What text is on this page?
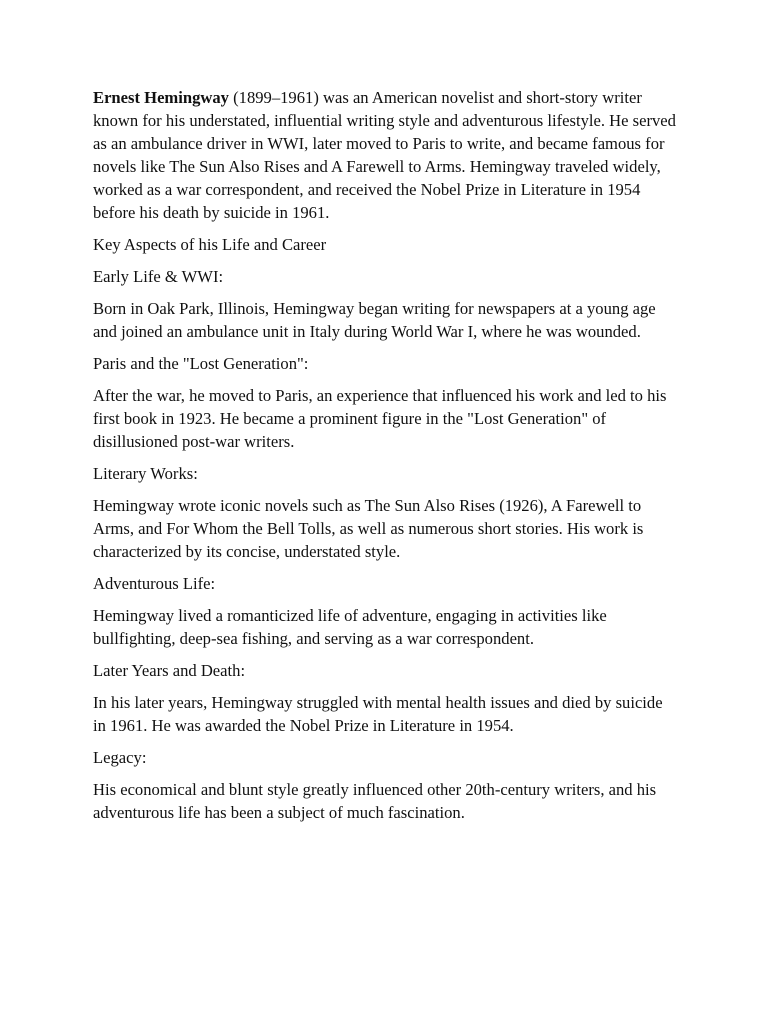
Ernest Hemingway (1899–1961) was an American novelist and short-story writer known for his understated, influential writing style and adventurous lifestyle. He served as an ambulance driver in WWI, later moved to Paris to write, and became famous for novels like The Sun Also Rises and A Farewell to Arms. Hemingway traveled widely, worked as a war correspondent, and received the Nobel Prize in Literature in 1954 before his death by suicide in 1961.

Key Aspects of his Life and Career

Early Life & WWI:

Born in Oak Park, Illinois, Hemingway began writing for newspapers at a young age and joined an ambulance unit in Italy during World War I, where he was wounded.

Paris and the "Lost Generation":

After the war, he moved to Paris, an experience that influenced his work and led to his first book in 1923. He became a prominent figure in the "Lost Generation" of disillusioned post-war writers.

Literary Works:

Hemingway wrote iconic novels such as The Sun Also Rises (1926), A Farewell to Arms, and For Whom the Bell Tolls, as well as numerous short stories. His work is characterized by its concise, understated style.

Adventurous Life:

Hemingway lived a romanticized life of adventure, engaging in activities like bullfighting, deep-sea fishing, and serving as a war correspondent.

Later Years and Death:

In his later years, Hemingway struggled with mental health issues and died by suicide in 1961. He was awarded the Nobel Prize in Literature in 1954.

Legacy:

His economical and blunt style greatly influenced other 20th-century writers, and his adventurous life has been a subject of much fascination.
